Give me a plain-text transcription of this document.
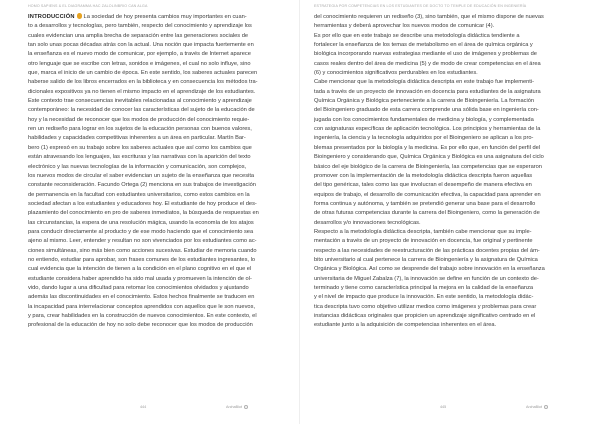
HOMO SAPIENS & EL DIAGRAMMA HAC ZALOLINBRIO CAN ALGA
INTRODUCCIÓN La sociedad de hoy presenta cambios muy importantes en cuan-
to a desarrollos y tecnologías, pero también, respecto del conocimiento y aprendizaje los
cuales evidencian una amplia brecha de separación entre las generaciones sociales de
tan solo unas pocas décadas atrás con la actual. Una noción que impacta fuertemente en
la enseñanza es el nuevo modo de comunicar, por ejemplo, a través de Internet aparece
otro lenguaje que se escribe con letras, sonidos e imágenes, el cual no solo influye, sino
que, marca el inicio de un cambio de época. En este sentido, los saberes actuales parecen
haberse salido de los libros encerrados en la biblioteca y en consecuencia los métodos tra-
dicionales expositivos ya no tienen el mismo impacto en el aprendizaje de los estudiantes.
Este contexto trae consecuencias inevitables relacionadas al conocimiento y aprendizaje
contemporáneo: la necesidad de conocer las características del sujeto de la educación de
hoy y la necesidad de reconocer que los modos de producción del conocimiento requie-
ren un rediseño para lograr en los sujetos de la educación personas con buenos valores,
habilidades y capacidades competitivas inherentes a un área en particular. Martín Bar-
bero (1) expresó en su trabajo sobre los saberes actuales que así como los cambios que
están atravesando los lenguajes, las escrituras y las narrativas con la aparición del texto
electrónico y las nuevas tecnologías de la información y comunicación, son complejos,
los nuevos modos de circular el saber evidencian un sujeto de la enseñanza que necesita
constante reconsideración. Facundo Ortega (2) menciona en sus trabajos de investigación
de permanencia en la facultad con estudiantes universitarios, como estos cambios en la
sociedad afectan a los estudiantes y educadores hoy. El estudiante de hoy produce el des-
plazamiento del conocimiento en pro de saberes inmediatos, la búsqueda de respuestas en
las circunstancias, la espera de una resolución mágica, usando la economía de los atajos
para conducir directamente al producto y de ese modo haciendo que el conocimiento sea
ajeno al mismo. Leer, entender y resultan no son vivenciados por los estudiantes como ac-
ciones simultáneas, sino más bien como acciones sucesivas. Estudiar de memoria cuando
no entiendo, estudiar para aprobar, son frases comunes de los estudiantes ingresantes, lo
cual evidencia que la intención de tienen a la condición en el plano cognitivo en el que el
estudiante considera haber aprendido ha sido mal usada y promueven la intención de ol-
vido, dando lugar a una dificultad para retomar los conocimientos olvidados y ajustando
además las discontinuidades en el conocimiento. Estos hechos finalmente se traducen en
la incapacidad para interrelacionar conceptos aprendidos con aquellos que le son nuevos,
y para, crear habilidades en la construcción de nuevos conocimientos. En este contexto, el
profesional de la educación de hoy no solo debe reconocer que los modos de producción
444	ArchaBiot
ESTRATEGIA POR COMPETENCIAS EN LOS ESTUDIANTES DE DOCTO TO TEMPLE DE EDUCACIÓN EN INGENIERÍA
del conocimiento requieren un rediseño (3), sino también, que el mismo dispone de nuevas
herramientas y deberá aprovechar los nuevos modos de comunicar (4).
Es por ello que en este trabajo se describe una metodología didáctica tendiente a
fortalecer la enseñanza de los temas de metabolismo en el área de química orgánica y
biológica incorporando nuevas estrategias mediante el uso de imágenes y problemas de
casos reales dentro del área de medicina (5) y de modo de crear competencias en el área
(6) y conocimientos significativos perdurables en los estudiantes.
Cabe mencionar que la metodología didáctica descripta en este trabajo fue implementi-
tada a través de un proyecto de innovación en docencia para estudiantes de la asignatura
Química Orgánica y Biológica perteneciente a la carrera de Bioingeniería. La formación
del Bioingeniero graduado de esta carrera comprende una sólida base en ingeniería con-
jugada con los conocimientos fundamentales de medicina y biología, y complementada
con asignaturas específicas de aplicación tecnológica. Los principios y herramientas de la
ingeniería, la ciencia y la tecnología adquiridos por el Bioingeniero se aplican a los pro-
blemas presentados por la biología y la medicina. Es por ello que, en función del perfil del
Bioingeniero y considerando que, Química Orgánica y Biológica es una asignatura del ciclo
básico del eje biológico de la carrera de Bioingeniería, las competencias que se esperaron
promover con la implementación de la metodología didáctica descripta fueron aquellas
del tipo genéricas, tales como las que involucran el desempeño de manera efectiva en
equipos de trabajo, el desarrollo de comunicación efectiva, la capacidad para aprender en
forma continua y autónoma, y también se pretendió generar una base para el desarrollo
de otras futuras competencias durante la carrera del Bioingeniero, como la generación de
desarrollos y/o innovaciones tecnológicas.
Respecto a la metodología didáctica descripta, también cabe mencionar que su imple-
mentación a través de un proyecto de innovación en docencia, fue original y pertinente
respecto a las necesidades de reestructuración de las prácticas docentes propias del ám-
bito universitario al cual pertenece la carrera de Bioingeniería y la asignatura de Química
Orgánica y Biológica. Así como se desprende del trabajo sobre innovación en la enseñanza
universitaria de Miguel Zabalza (7), la innovación se define en función de un contexto de-
terminado y tiene como característica principal la mejora en la calidad de la enseñanza
y el nivel de impacto que produce la innovación. En este sentido, la metodología didác-
tica descripta tuvo como objetivo utilizar medios como imágenes y problemas para crear
instancias didácticas originales que propicien un aprendizaje significativo centrado en el
estudiante junto a la adquisición de competencias inherentes en el área.
445	ArchaBiot
